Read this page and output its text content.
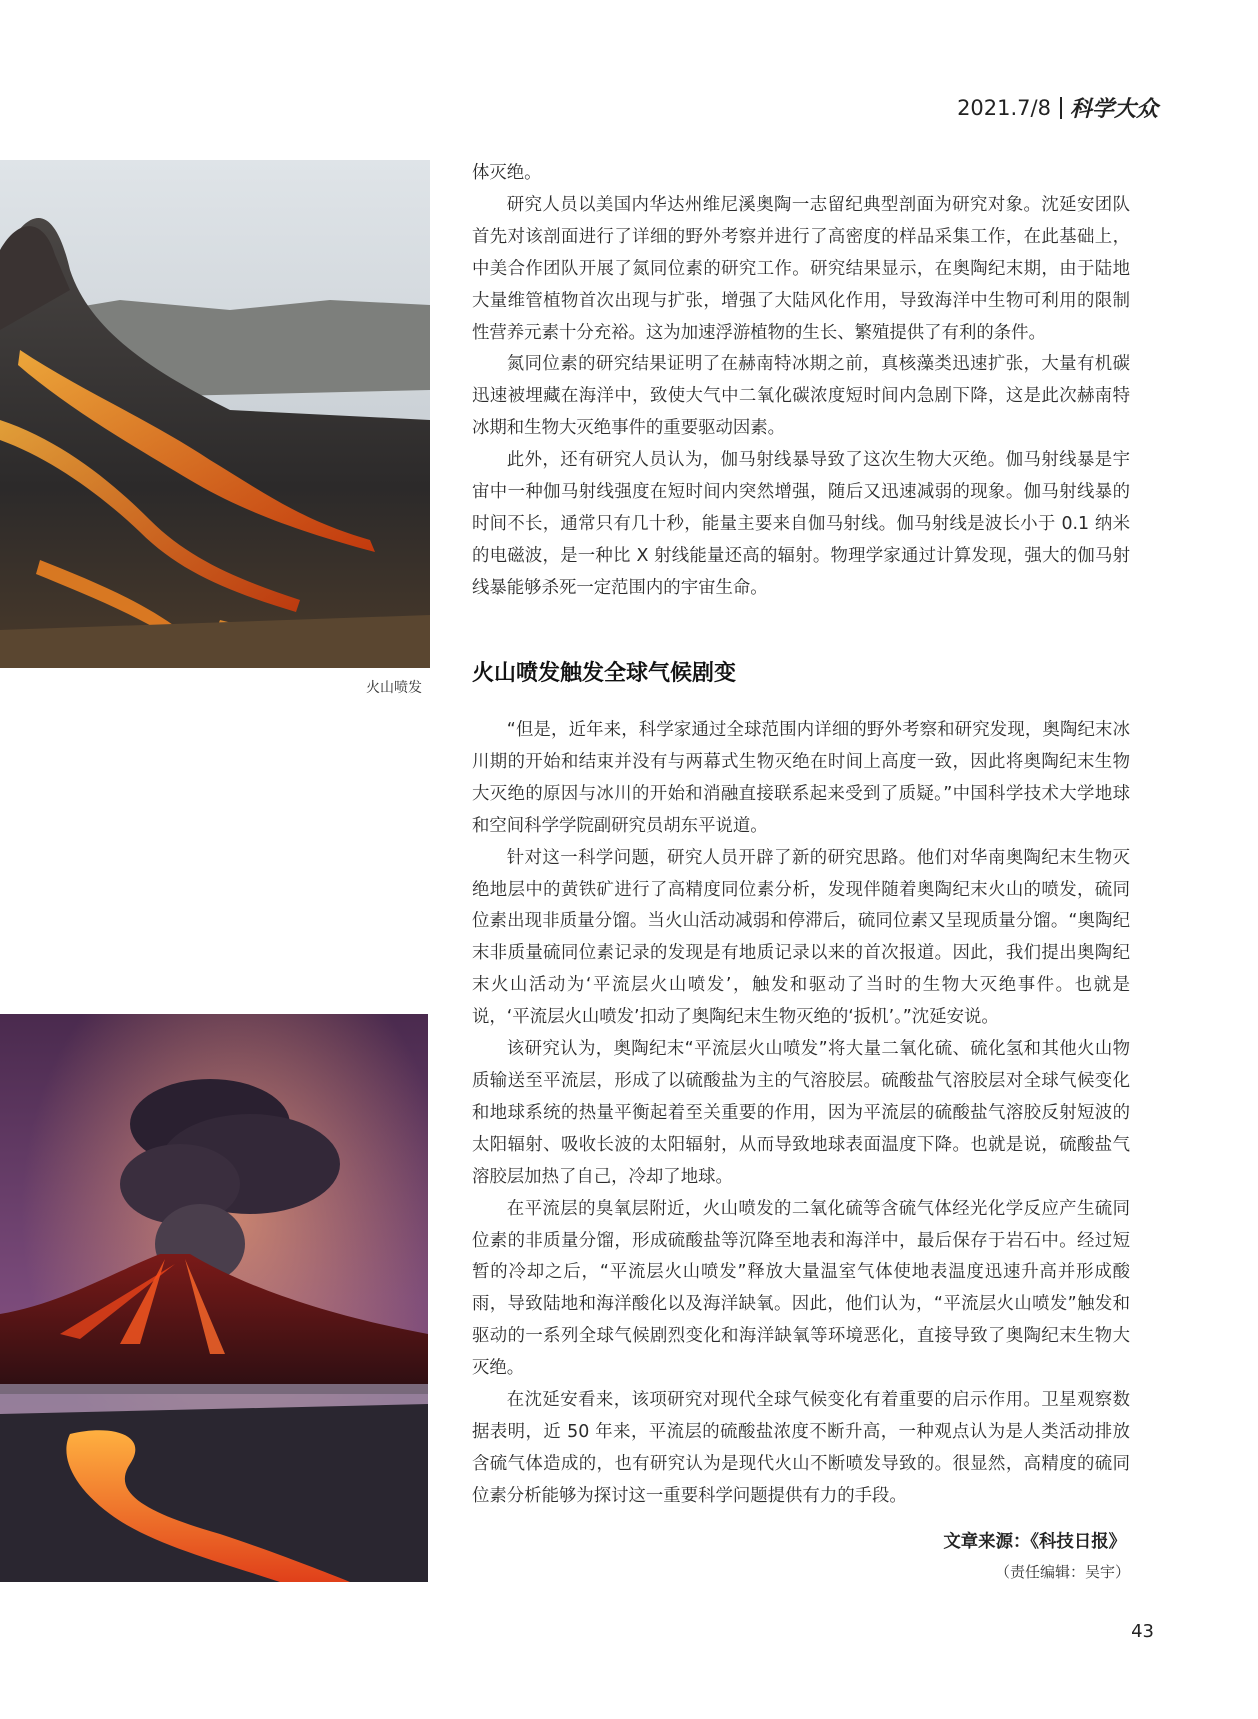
2021.7/8 科学大众
火山喷发

体灭绝。

研究人员以美国内华达州维尼溪奥陶一志留纪典型剖面为研究对象。沈延安团队首先对该剖面进行了详细的野外考察并进行了高密度的样品采集工作，在此基础上，中美合作团队开展了氮同位素的研究工作。研究结果显示，在奥陶纪末期，由于陆地大量维管植物首次出现与扩张，增强了大陆风化作用，导致海洋中生物可利用的限制性营养元素十分充裕。这为加速浮游植物的生长、繁殖提供了有利的条件。

氮同位素的研究结果证明了在赫南特冰期之前，真核藻类迅速扩张，大量有机碳迅速被埋藏在海洋中，致使大气中二氧化碳浓度短时间内急剧下降，这是此次赫南特冰期和生物大灭绝事件的重要驱动因素。

此外，还有研究人员认为，伽马射线暴导致了这次生物大灭绝。伽马射线暴是宇宙中一种伽马射线强度在短时间内突然增强，随后又迅速减弱的现象。伽马射线暴的时间不长，通常只有几十秒，能量主要来自伽马射线。伽马射线是波长小于 0.1 纳米的电磁波，是一种比 X 射线能量还高的辐射。物理学家通过计算发现，强大的伽马射线暴能够杀死一定范围内的宇宙生命。

火山喷发触发全球气候剧变

“但是，近年来，科学家通过全球范围内详细的野外考察和研究发现，奥陶纪末冰川期的开始和结束并没有与两幕式生物灭绝在时间上高度一致，因此将奥陶纪末生物大灭绝的原因与冰川的开始和消融直接联系起来受到了质疑。”中国科学技术大学地球和空间科学学院副研究员胡东平说道。

针对这一科学问题，研究人员开辟了新的研究思路。他们对华南奥陶纪末生物灭绝地层中的黄铁矿进行了高精度同位素分析，发现伴随着奥陶纪末火山的喷发，硫同位素出现非质量分馏。当火山活动减弱和停滞后，硫同位素又呈现质量分馏。“奥陶纪末非质量硫同位素记录的发现是有地质记录以来的首次报道。因此，我们提出奥陶纪末火山活动为‘平流层火山喷发’，触发和驱动了当时的生物大灭绝事件。也就是说，‘平流层火山喷发’扣动了奥陶纪末生物灭绝的‘扳机’。”沈延安说。

该研究认为，奥陶纪末“平流层火山喷发”将大量二氧化硫、硫化氢和其他火山物质输送至平流层，形成了以硫酸盐为主的气溶胶层。硫酸盐气溶胶层对全球气候变化和地球系统的热量平衡起着至关重要的作用，因为平流层的硫酸盐气溶胶反射短波的太阳辐射、吸收长波的太阳辐射，从而导致地球表面温度下降。也就是说，硫酸盐气溶胶层加热了自己，冷却了地球。

在平流层的臭氧层附近，火山喷发的二氧化硫等含硫气体经光化学反应产生硫同位素的非质量分馏，形成硫酸盐等沉降至地表和海洋中，最后保存于岩石中。经过短暂的冷却之后，“平流层火山喷发”释放大量温室气体使地表温度迅速升高并形成酸雨，导致陆地和海洋酸化以及海洋缺氧。因此，他们认为，“平流层火山喷发”触发和驱动的一系列全球气候剧烈变化和海洋缺氧等环境恶化，直接导致了奥陶纪末生物大灭绝。

在沈延安看来，该项研究对现代全球气候变化有着重要的启示作用。卫星观察数据表明，近 50 年来，平流层的硫酸盐浓度不断升高，一种观点认为是人类活动排放含硫气体造成的，也有研究认为是现代火山不断喷发导致的。很显然，高精度的硫同位素分析能够为探讨这一重要科学问题提供有力的手段。

文章来源：《科技日报》
（责任编辑：吴宇）
43
